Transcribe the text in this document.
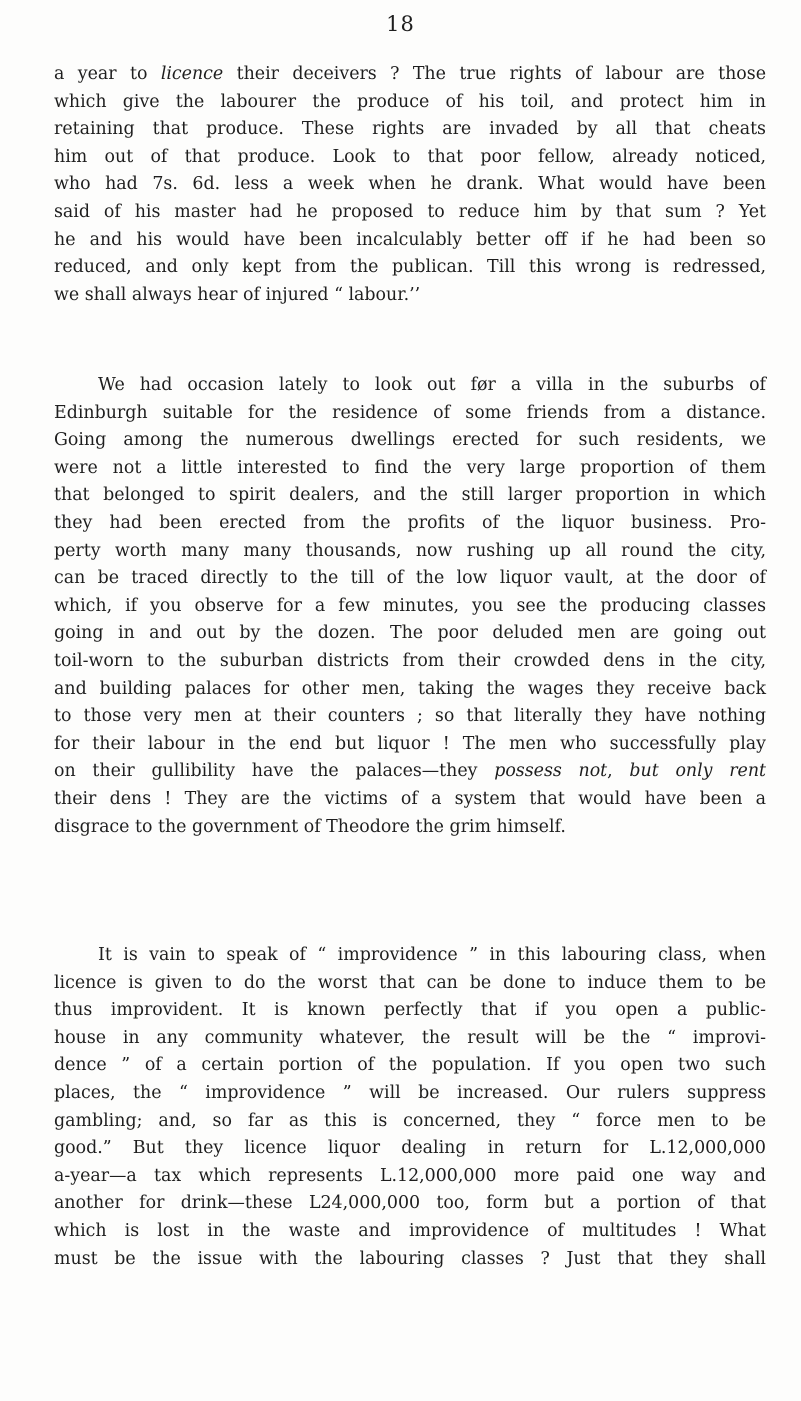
18
a year to licence their deceivers ? The true rights of labour are those
which give the labourer the produce of his toil, and protect him in
retaining that produce. These rights are invaded by all that cheats
him out of that produce. Look to that poor fellow, already noticed,
who had 7s. 6d. less a week when he drank. What would have been
said of his master had he proposed to reduce him by that sum ? Yet
he and his would have been incalculably better off if he had been so
reduced, and only kept from the publican. Till this wrong is redressed,
we shall always hear of injured “ labour.’’
We had occasion lately to look out før a villa in the suburbs of
Edinburgh suitable for the residence of some friends from a distance.
Going among the numerous dwellings erected for such residents, we
were not a little interested to find the very large proportion of them
that belonged to spirit dealers, and the still larger proportion in which
they had been erected from the profits of the liquor business. Pro-
perty worth many many thousands, now rushing up all round the city,
can be traced directly to the till of the low liquor vault, at the door of
which, if you observe for a few minutes, you see the producing classes
going in and out by the dozen. The poor deluded men are going out
toil-worn to the suburban districts from their crowded dens in the city,
and building palaces for other men, taking the wages they receive back
to those very men at their counters ; so that literally they have nothing
for their labour in the end but liquor ! The men who successfully play
on their gullibility have the palaces—they possess not, but only rent
their dens ! They are the victims of a system that would have been a
disgrace to the government of Theodore the grim himself.
It is vain to speak of “ improvidence ” in this labouring class, when
licence is given to do the worst that can be done to induce them to be
thus improvident. It is known perfectly that if you open a public-
house in any community whatever, the result will be the “ improvi-
dence ” of a certain portion of the population. If you open two such
places, the “ improvidence ” will be increased. Our rulers suppress
gambling; and, so far as this is concerned, they “ force men to be
good.” But they licence liquor dealing in return for L.12,000,000
a-year—a tax which represents L.12,000,000 more paid one way and
another for drink—these L24,000,000 too, form but a portion of that
which is lost in the waste and improvidence of multitudes ! What
must be the issue with the labouring classes ? Just that they shall
